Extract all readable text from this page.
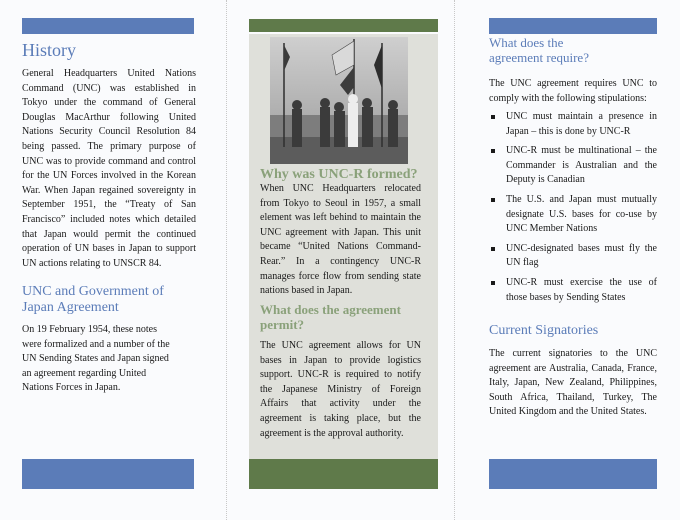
History

General Headquarters United Nations Command (UNC) was established in Tokyo under the command of General Douglas MacArthur following United Nations Security Council Resolution 84 being passed. The primary purpose of UNC was to provide command and control for the UN Forces involved in the Korean War. When Japan regained sovereignty in September 1951, the “Treaty of San Francisco” included notes which detailed that Japan would permit the continued operation of UN bases in Japan to support UN actions relating to UNSCR 84.

UNC and Government of Japan Agreement

On 19 February 1954, these notes were formalized and a number of the UN Sending States and Japan signed an agreement regarding United Nations Forces in Japan.

Why was UNC-R formed?

When UNC Headquarters relocated from Tokyo to Seoul in 1957, a small element was left behind to maintain the UNC agreement with Japan. This unit became “United Nations Command-Rear.” In a contingency UNC-R manages force flow from sending state nations based in Japan.

What does the agreement permit?

The UNC agreement allows for UN bases in Japan to provide logistics support. UNC-R is required to notify the Japanese Ministry of Foreign Affairs that activity under the agreement is taking place, but the agreement is the approval authority.

What does the agreement require?

The UNC agreement requires UNC to comply with the following stipulations:

UNC must maintain a presence in Japan – this is done by UNC-R
UNC-R must be multinational – the Commander is Australian and the Deputy is Canadian
The U.S. and Japan must mutually designate U.S. bases for co-use by UNC Member Nations
UNC-designated bases must fly the UN flag
UNC-R must exercise the use of those bases by Sending States
Current Signatories

The current signatories to the UNC agreement are Australia, Canada, France, Italy, Japan, New Zealand, Philippines, South Africa, Thailand, Turkey, The United Kingdom and the United States.
